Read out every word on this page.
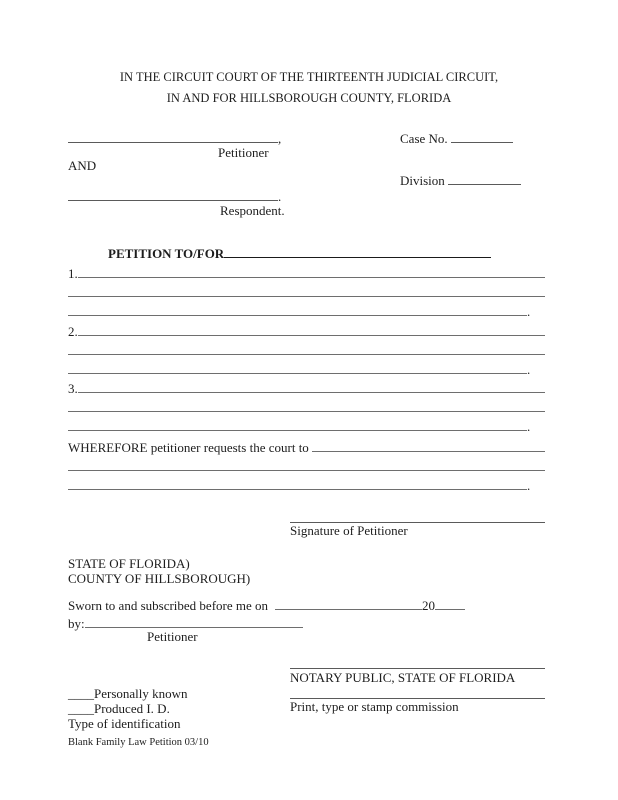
IN THE CIRCUIT COURT OF THE THIRTEENTH JUDICIAL CIRCUIT,
IN AND FOR HILLSBOROUGH COUNTY, FLORIDA
,
Petitioner
AND
Case No.
Division
.
Respondent.
PETITION TO/FOR
1.
.
2.
.
3.
.
WHEREFORE petitioner requests the court to
.
Signature of Petitioner
STATE OF FLORIDA)
COUNTY OF HILLSBOROUGH)
Sworn to and subscribed before me on	20
by:
Petitioner
NOTARY PUBLIC, STATE OF FLORIDA
Print, type or stamp commission
____Personally known
____Produced I. D.
Type of identification
Blank Family Law Petition 03/10
